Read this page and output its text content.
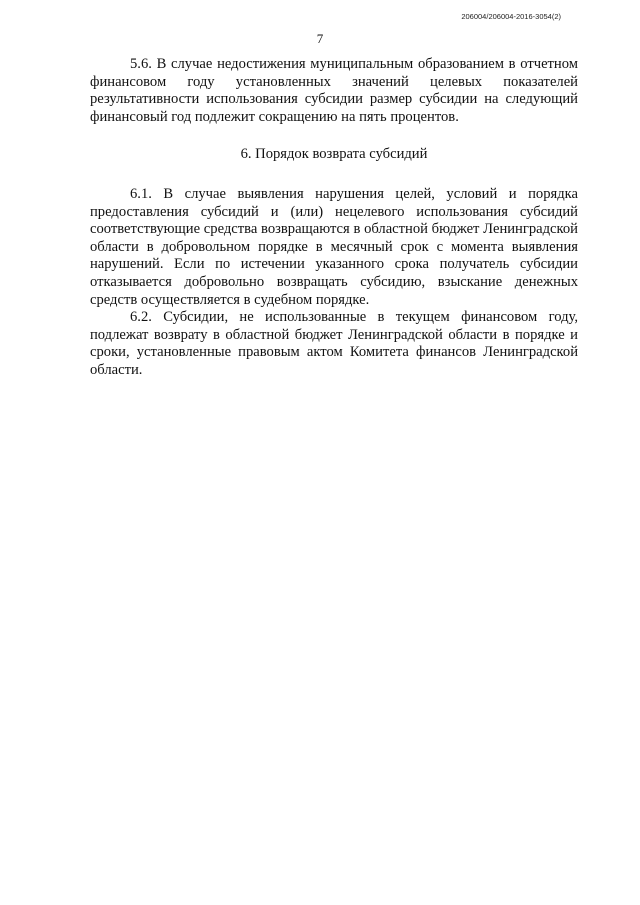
206004/206004-2016-3054(2)
7

5.6. В случае недостижения муниципальным образованием в отчетном финансовом году установленных значений целевых показателей результативности использования субсидии размер субсидии на следующий финансовый год подлежит сокращению на пять процентов.

6. Порядок возврата субсидий

6.1. В случае выявления нарушения целей, условий и порядка предоставления субсидий и (или) нецелевого использования субсидий соответствующие средства возвращаются в областной бюджет Ленинградской области в добровольном порядке в месячный срок с момента выявления нарушений. Если по истечении указанного срока получатель субсидии отказывается добровольно возвращать субсидию, взыскание денежных средств осуществляется в судебном порядке.

6.2. Субсидии, не использованные в текущем финансовом году, подлежат возврату в областной бюджет Ленинградской области в порядке и сроки, установленные правовым актом Комитета финансов Ленинградской области.
